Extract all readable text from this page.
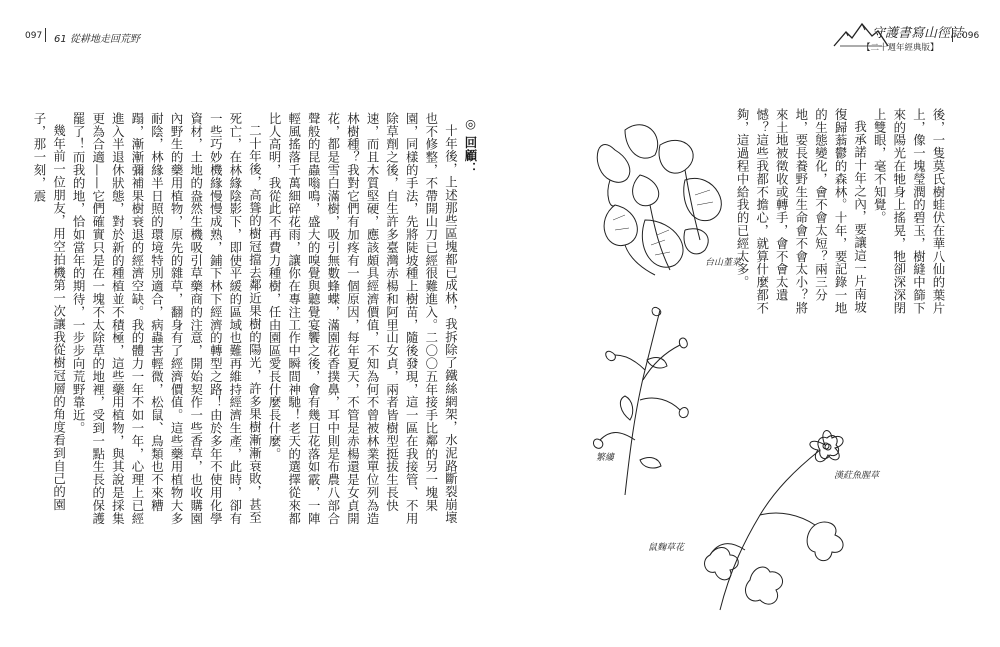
097 61 從耕地走回荒野	096
守護書寫山徑誌
【二十週年經典版】

後，一隻莫氏樹蛙伏在華八仙的葉片上，像一塊瑩潤的碧玉，樹縫中篩下來的陽光在牠身上搖晃，牠卻深深閉上雙眼，毫不知覺。

我承諾十年之內，要讓這一片南坡復歸蓊鬱的森林。十年，要記錄一地的生態變化，會不會太短？兩三分地，要長養野生生命會不會太小？將來土地被徵收或轉手，會不會太遺憾？這些我都不擔心，就算什麼都不夠，這過程中給我的已經太多。

◎ 回顧：

十年後，上述那些區塊都已成林，我拆除了鐵絲網架，水泥路斷裂崩壞也不修整，不帶開山刀已經很難進入。二〇〇五年接手比鄰的另一塊果園，同樣的手法，先將陡坡種上樹苗，隨後發現，這一區在我接管、不用除草劑之後，自生許多臺灣赤楊和阿里山女貞，兩者皆樹型挺拔生長快速，而且木質堅硬，應該頗具經濟價值，不知為何不曾被林業單位列為造林樹種？我對它們有加疼有一個原因，每年夏天，不管是赤楊還是女貞開花，都是雪白滿樹，吸引無數蜂蝶，滿園花香撲鼻，耳中則是布農八部合聲般的昆蟲嗡鳴，盛大的嗅覺與聽覺宴饗之後，會有幾日花落如霰，一陣輕風搖落千萬細碎花雨，讓你在專注工作中瞬間神馳！老天的選擇從來都比人高明，我從此不再費力種樹，任由園區愛長什麼長什麼。

二十年後，高聳的樹冠擋去鄰近果樹的陽光，許多果樹漸漸衰敗，甚至死亡，在林緣陰影下，即使平緩的區域也難再維持經濟生產，此時，卻有一些巧妙機緣慢慢成熟，鋪下林下經濟的轉型之路！由於多年不使用化學資材，土地的盎然生機吸引草藥商的注意，開始契作一些香草，也收購園內野生的藥用植物，原先的雜草，翻身有了經濟價值。這些藥用植物大多耐陰，林緣半日照的環境特別適合，病蟲害輕微，松鼠、鳥類也不來糟蹋，漸漸彌補果樹衰退的經濟空缺。我的體力一年不如一年，心理上已經進入半退休狀態，對於新的種植並不積極，這些藥用植物，與其說是採集更為合適——它們確實只是在一塊不太除草的地裡，受到一點生長的保護罷了！而我的地，恰如當年的期待，一步步向荒野靠近。

幾年前一位朋友，用空拍機第一次讓我從樹冠層的角度看到自己的園子，那一刻，震

台山堇菜
繁縷
漢葒魚腥草
鼠麴草花
